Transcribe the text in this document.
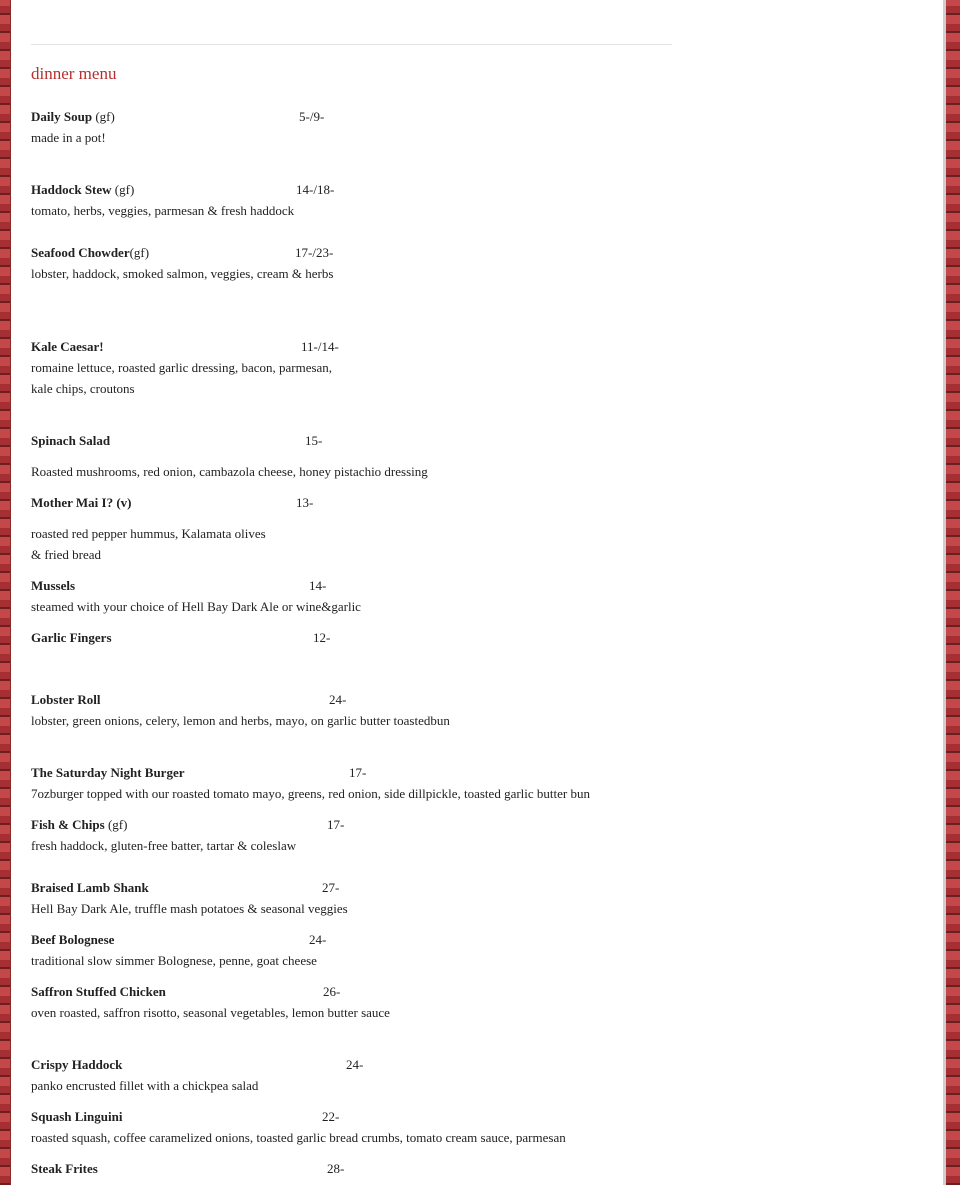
dinner menu
Daily Soup (gf)	5-/9-
made in a pot!
Haddock Stew (gf)	14-/18-
tomato, herbs, veggies, parmesan & fresh haddock
Seafood Chowder(gf)	17-/23-
lobster, haddock, smoked salmon, veggies, cream & herbs
Kale Caesar!	11-/14-
romaine lettuce, roasted garlic dressing, bacon, parmesan,
kale chips, croutons
Spinach Salad	15-
Roasted mushrooms, red onion, cambazola cheese, honey pistachio dressing
Mother Mai I? (v)	13-
roasted red pepper hummus, Kalamata olives
& fried bread
Mussels	14-
steamed with your choice of Hell Bay Dark Ale or wine&garlic
Garlic Fingers	12-
Lobster Roll	24-
lobster, green onions, celery, lemon and herbs, mayo, on garlic butter toastedbun
The Saturday Night Burger	17-
7ozburger topped with our roasted tomato mayo, greens, red onion, side dillpickle, toasted garlic butter bun
Fish & Chips (gf)	17-
fresh haddock, gluten-free batter, tartar & coleslaw
Braised Lamb Shank	27-
Hell Bay Dark Ale, truffle mash potatoes & seasonal veggies
Beef Bolognese	24-
traditional slow simmer Bolognese, penne, goat cheese
Saffron Stuffed Chicken	26-
oven roasted, saffron risotto, seasonal vegetables, lemon butter sauce
Crispy Haddock	24-
panko encrusted fillet with a chickpea salad
Squash Linguini	22-
roasted squash, coffee caramelized onions, toasted garlic bread crumbs, tomato cream sauce, parmesan
Steak Frites	28-
